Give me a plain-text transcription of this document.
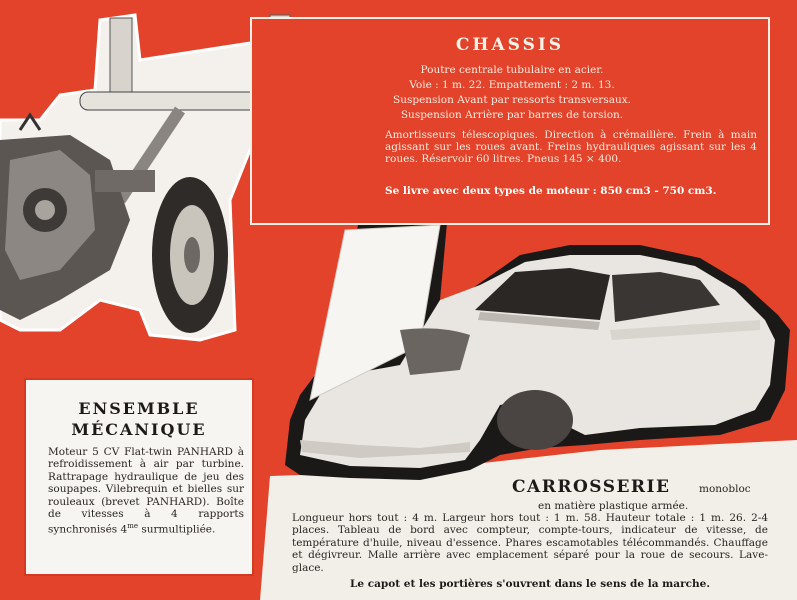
CHASSIS
Poutre centrale tubulaire en acier.
Voie : 1 m. 22. Empattement : 2 m. 13.
Suspension Avant par ressorts transversaux.
Suspension Arrière par barres de torsion.
Amortisseurs télescopiques. Direction à crémaillère. Frein à main agissant sur les roues avant. Freins hydrauliques agissant sur les 4 roues. Réservoir 60 litres. Pneus 145 × 400.
Se livre avec deux types de moteur : 850 cm3 - 750 cm3.
ENSEMBLE
MÉCANIQUE
Moteur 5 CV Flat-twin PANHARD à refroidissement à air par turbine. Rattrapage hydraulique de jeu des soupapes. Vilebrequin et bielles sur rouleaux (brevet PANHARD). Boîte de vitesses à 4 rapports synchronisés $4^{me}$ surmultipliée.
CARROSSERIE	monobloc
en matière plastique armée.
Longueur hors tout : 4 m. Largeur hors tout : 1 m. 58. Hauteur totale : 1 m. 26. 2-4 places. Tableau de bord avec compteur, compte-tours, indicateur de vitesse, de température d'huile, niveau d'essence. Phares escamotables télécommandés. Chauffage et dégivreur. Malle arrière avec emplacement séparé pour la roue de secours. Lave-glace.
Le capot et les portières s'ouvrent dans le sens de la marche.
